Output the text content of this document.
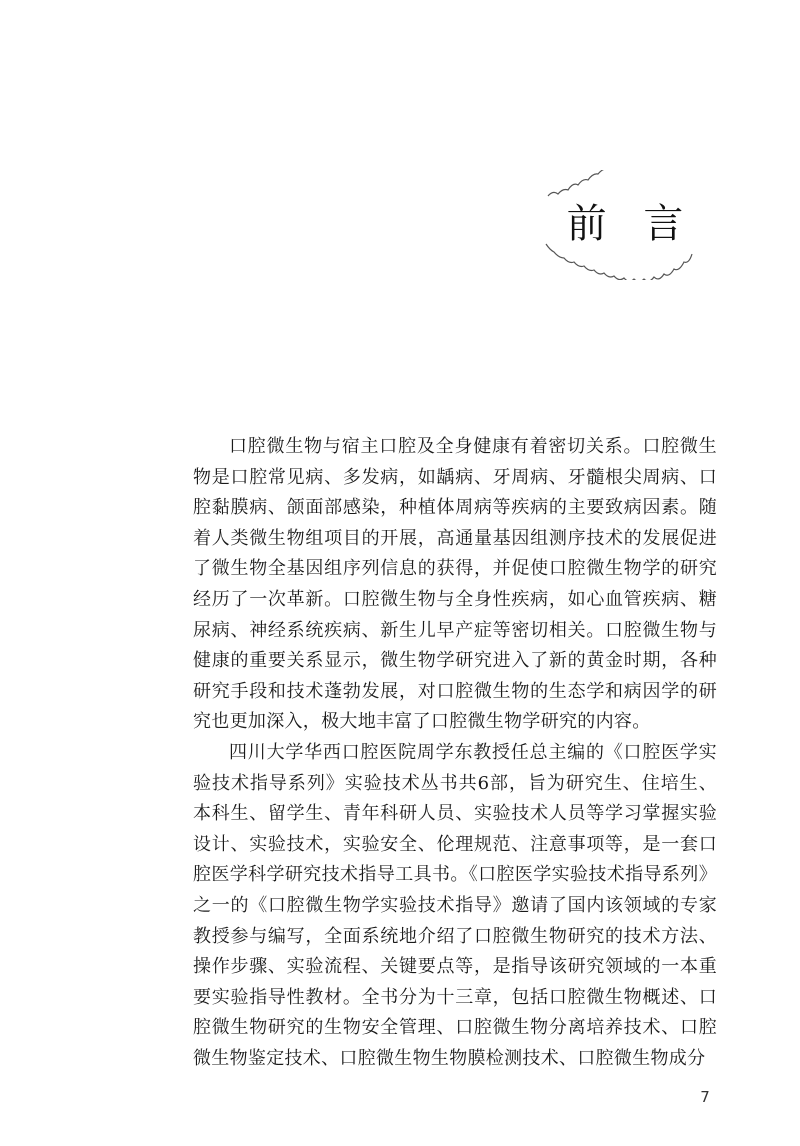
前 言

口腔微生物与宿主口腔及全身健康有着密切关系。口腔微生物是口腔常见病、多发病，如龋病、牙周病、牙髓根尖周病、口腔黏膜病、颌面部感染，种植体周病等疾病的主要致病因素。随着人类微生物组项目的开展，高通量基因组测序技术的发展促进了微生物全基因组序列信息的获得，并促使口腔微生物学的研究经历了一次革新。口腔微生物与全身性疾病，如心血管疾病、糖尿病、神经系统疾病、新生儿早产症等密切相关。口腔微生物与健康的重要关系显示，微生物学研究进入了新的黄金时期，各种研究手段和技术蓬勃发展，对口腔微生物的生态学和病因学的研究也更加深入，极大地丰富了口腔微生物学研究的内容。

四川大学华西口腔医院周学东教授任总主编的《口腔医学实验技术指导系列》实验技术丛书共6部，旨为研究生、住培生、本科生、留学生、青年科研人员、实验技术人员等学习掌握实验设计、实验技术，实验安全、伦理规范、注意事项等，是一套口腔医学科学研究技术指导工具书。《口腔医学实验技术指导系列》之一的《口腔微生物学实验技术指导》邀请了国内该领域的专家教授参与编写，全面系统地介绍了口腔微生物研究的技术方法、操作步骤、实验流程、关键要点等，是指导该研究领域的一本重要实验指导性教材。全书分为十三章，包括口腔微生物概述、口腔微生物研究的生物安全管理、口腔微生物分离培养技术、口腔微生物鉴定技术、口腔微生物生物膜检测技术、口腔微生物成分

7
